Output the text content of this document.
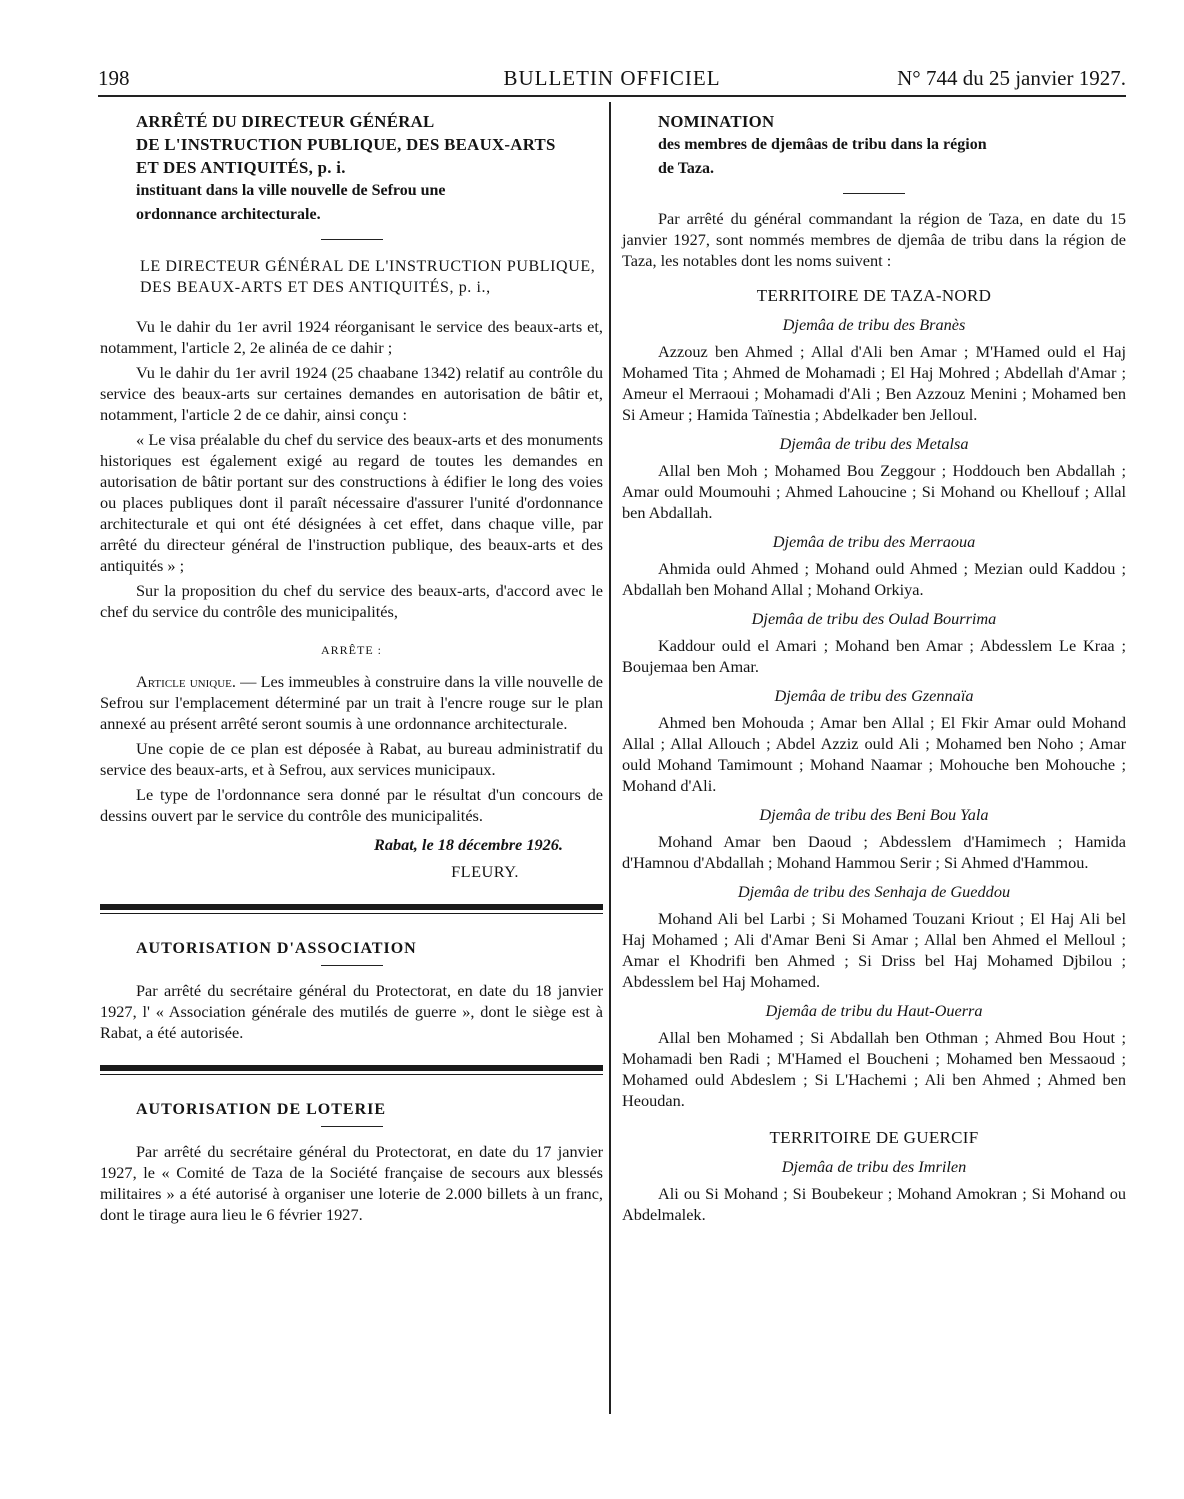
198	BULLETIN OFFICIEL	N° 744 du 25 janvier 1927.

ARRÊTÉ DU DIRECTEUR GÉNÉRAL

DE L'INSTRUCTION PUBLIQUE, DES BEAUX-ARTS

ET DES ANTIQUITÉS, p. i.

instituant dans la ville nouvelle de Sefrou une

ordonnance architecturale.

LE DIRECTEUR GÉNÉRAL DE L'INSTRUCTION PUBLIQUE, DES BEAUX-ARTS ET DES ANTIQUITÉS, p. i.,

Vu le dahir du 1er avril 1924 réorganisant le service des beaux-arts et, notamment, l'article 2, 2e alinéa de ce dahir ;

Vu le dahir du 1er avril 1924 (25 chaabane 1342) relatif au contrôle du service des beaux-arts sur certaines demandes en autorisation de bâtir et, notamment, l'article 2 de ce dahir, ainsi conçu :

« Le visa préalable du chef du service des beaux-arts et des monuments historiques est également exigé au regard de toutes les demandes en autorisation de bâtir portant sur des constructions à édifier le long des voies ou places publiques dont il paraît nécessaire d'assurer l'unité d'ordonnance architecturale et qui ont été désignées à cet effet, dans chaque ville, par arrêté du directeur général de l'instruction publique, des beaux-arts et des antiquités » ;

Sur la proposition du chef du service des beaux-arts, d'accord avec le chef du service du contrôle des municipalités,

ARRÊTE :

Article unique. — Les immeubles à construire dans la ville nouvelle de Sefrou sur l'emplacement déterminé par un trait à l'encre rouge sur le plan annexé au présent arrêté seront soumis à une ordonnance architecturale.

Une copie de ce plan est déposée à Rabat, au bureau administratif du service des beaux-arts, et à Sefrou, aux services municipaux.

Le type de l'ordonnance sera donné par le résultat d'un concours de dessins ouvert par le service du contrôle des municipalités.

Rabat, le 18 décembre 1926.
FLEURY.

AUTORISATION D'ASSOCIATION

Par arrêté du secrétaire général du Protectorat, en date du 18 janvier 1927, l' « Association générale des mutilés de guerre », dont le siège est à Rabat, a été autorisée.

AUTORISATION DE LOTERIE

Par arrêté du secrétaire général du Protectorat, en date du 17 janvier 1927, le « Comité de Taza de la Société française de secours aux blessés militaires » a été autorisé à organiser une loterie de 2.000 billets à un franc, dont le tirage aura lieu le 6 février 1927.

NOMINATION

des membres de djemâas de tribu dans la région

de Taza.

Par arrêté du général commandant la région de Taza, en date du 15 janvier 1927, sont nommés membres de djemâa de tribu dans la région de Taza, les notables dont les noms suivent :

TERRITOIRE DE TAZA-NORD
Djemâa de tribu des Branès

Azzouz ben Ahmed ; Allal d'Ali ben Amar ; M'Hamed ould el Haj Mohamed Tita ; Ahmed de Mohamadi ; El Haj Mohred ; Abdellah d'Amar ; Ameur el Merraoui ; Mohamadi d'Ali ; Ben Azzouz Menini ; Mohamed ben Si Ameur ; Hamida Taïnestia ; Abdelkader ben Jelloul.

Djemâa de tribu des Metalsa

Allal ben Moh ; Mohamed Bou Zeggour ; Hoddouch ben Abdallah ; Amar ould Moumouhi ; Ahmed Lahoucine ; Si Mohand ou Khellouf ; Allal ben Abdallah.

Djemâa de tribu des Merraoua

Ahmida ould Ahmed ; Mohand ould Ahmed ; Mezian ould Kaddou ; Abdallah ben Mohand Allal ; Mohand Orkiya.

Djemâa de tribu des Oulad Bourrima

Kaddour ould el Amari ; Mohand ben Amar ; Abdesslem Le Kraa ; Boujemaa ben Amar.

Djemâa de tribu des Gzennaïa

Ahmed ben Mohouda ; Amar ben Allal ; El Fkir Amar ould Mohand Allal ; Allal Allouch ; Abdel Azziz ould Ali ; Mohamed ben Noho ; Amar ould Mohand Tamimount ; Mohand Naamar ; Mohouche ben Mohouche ; Mohand d'Ali.

Djemâa de tribu des Beni Bou Yala

Mohand Amar ben Daoud ; Abdesslem d'Hamimech ; Hamida d'Hamnou d'Abdallah ; Mohand Hammou Serir ; Si Ahmed d'Hammou.

Djemâa de tribu des Senhaja de Gueddou

Mohand Ali bel Larbi ; Si Mohamed Touzani Kriout ; El Haj Ali bel Haj Mohamed ; Ali d'Amar Beni Si Amar ; Allal ben Ahmed el Melloul ; Amar el Khodrifi ben Ahmed ; Si Driss bel Haj Mohamed Djbilou ; Abdesslem bel Haj Mohamed.

Djemâa de tribu du Haut-Ouerra

Allal ben Mohamed ; Si Abdallah ben Othman ; Ahmed Bou Hout ; Mohamadi ben Radi ; M'Hamed el Boucheni ; Mohamed ben Messaoud ; Mohamed ould Abdeslem ; Si L'Hachemi ; Ali ben Ahmed ; Ahmed ben Heoudan.

TERRITOIRE DE GUERCIF
Djemâa de tribu des Imrilen

Ali ou Si Mohand ; Si Boubekeur ; Mohand Amokran ; Si Mohand ou Abdelmalek.
